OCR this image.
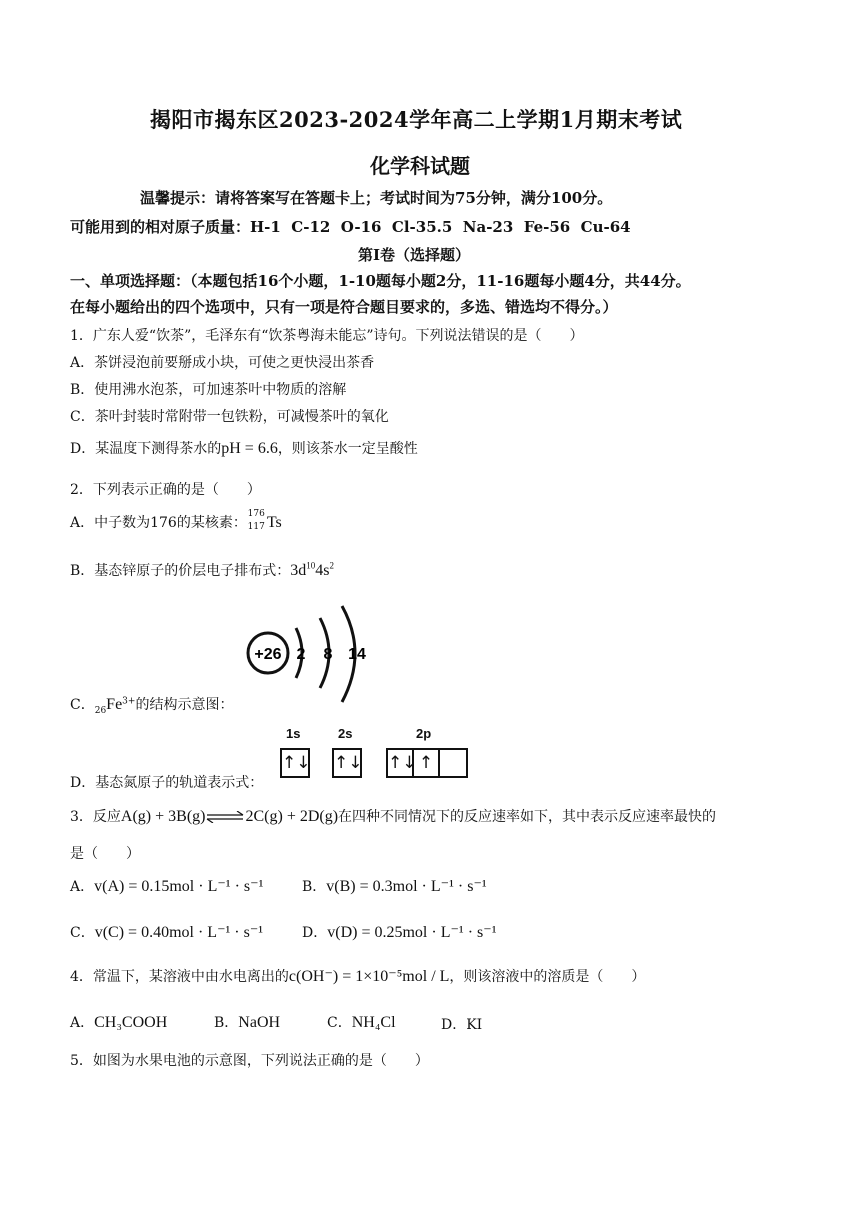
揭阳市揭东区2023-2024学年高二上学期1月期末考试
化学科试题
温馨提示：请将答案写在答题卡上；考试时间为75分钟，满分100分。
可能用到的相对原子质量：H-1  C-12  O-16  Cl-35.5  Na-23  Fe-56  Cu-64
第Ⅰ卷（选择题）
一、单项选择题：（本题包括16个小题，1-10题每小题2分，11-16题每小题4分，共44分。
在每小题给出的四个选项中，只有一项是符合题目要求的，多选、错选均不得分。）
1．广东人爱“饮茶”，毛泽东有“饮茶粤海未能忘”诗句。下列说法错误的是（　　）
A．茶饼浸泡前要掰成小块，可使之更快浸出茶香
B．使用沸水泡茶，可加速茶叶中物质的溶解
C．茶叶封装时常附带一包铁粉，可减慢茶叶的氧化
D．某温度下测得茶水的pH = 6.6，则该茶水一定呈酸性
2．下列表示正确的是（　　）
A．中子数为176的某核素：
176
117 Ts
B．基态锌原子的价层电子排布式：$3d^{10}4s^2$
+26 2 8 14
C．$_{26}Fe^{3+}$的结构示意图：
1s	2s	2p
↑↓ ↑↓ ↑↓ ↑
D．基态氮原子的轨道表示式：
3．反应A(g) + 3B(g)⇌2C(g) + 2D(g)在四种不同情况下的反应速率如下，其中表示反应速率最快的
是（　　）
A．v(A) = 0.15mol · L⁻¹ · s⁻¹	B．v(B) = 0.3mol · L⁻¹ · s⁻¹
C．v(C) = 0.40mol · L⁻¹ · s⁻¹	D．v(D) = 0.25mol · L⁻¹ · s⁻¹
4．常温下，某溶液中由水电离出的c(OH⁻) = 1×10⁻⁵mol / L，则该溶液中的溶质是（　　）
A．CH₃COOH	B．NaOH	C．NH₄Cl	D．KI
5．如图为水果电池的示意图，下列说法正确的是（　　）
